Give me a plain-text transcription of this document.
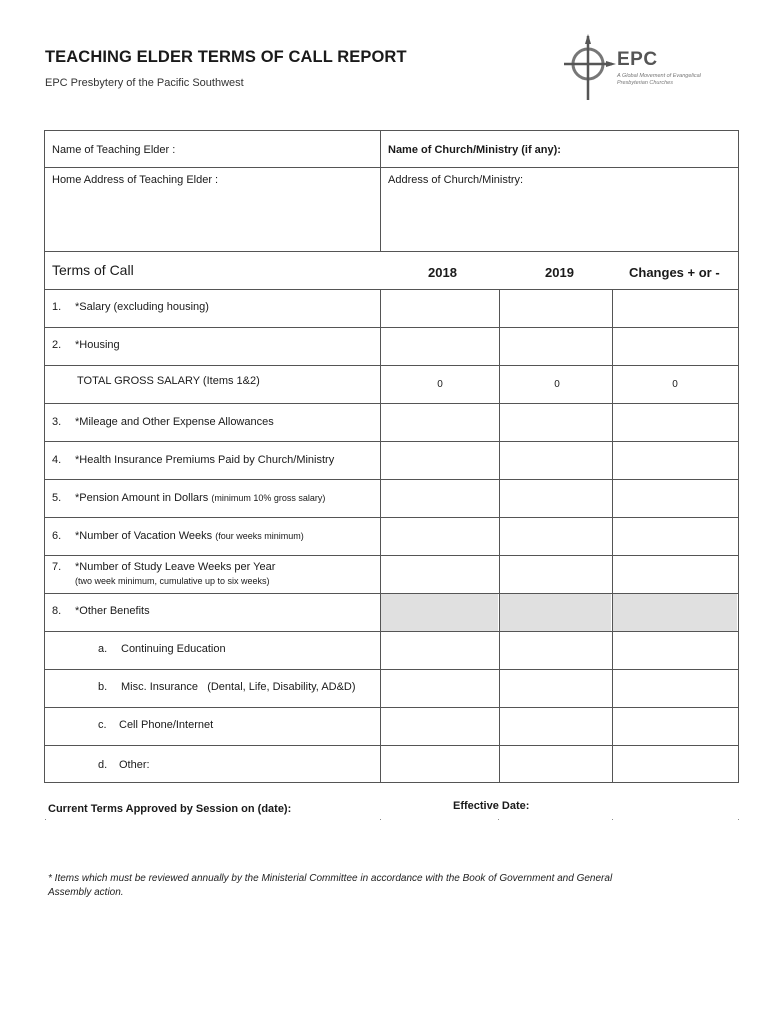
TEACHING ELDER TERMS OF CALL REPORT
EPC Presbytery of the Pacific Southwest
EPC
A Global Movement of Evangelical Presbyterian Churches
Name of Teaching Elder :	Name of Church/Ministry (if any):
Home Address of Teaching Elder :	Address of Church/Ministry:
Terms of Call	2018	2019	Changes + or -
1. *Salary (excluding housing)
2. *Housing
TOTAL GROSS SALARY (Items 1&2)	0	0	0
3. *Mileage and Other Expense Allowances
4. *Health Insurance Premiums Paid by Church/Ministry
5. *Pension Amount in Dollars (minimum 10% gross salary)
6. *Number of Vacation Weeks (four weeks minimum)
7. *Number of Study Leave Weeks per Year
(two week minimum, cumulative up to six weeks)
8. *Other Benefits
a. Continuing Education
b. Misc. Insurance   (Dental, Life, Disability, AD&D)
c. Cell Phone/Internet
d. Other:
Current Terms Approved by Session on (date):	Effective Date:
* Items which must be reviewed annually by the Ministerial Committee in accordance with the Book of Government and General Assembly action.
